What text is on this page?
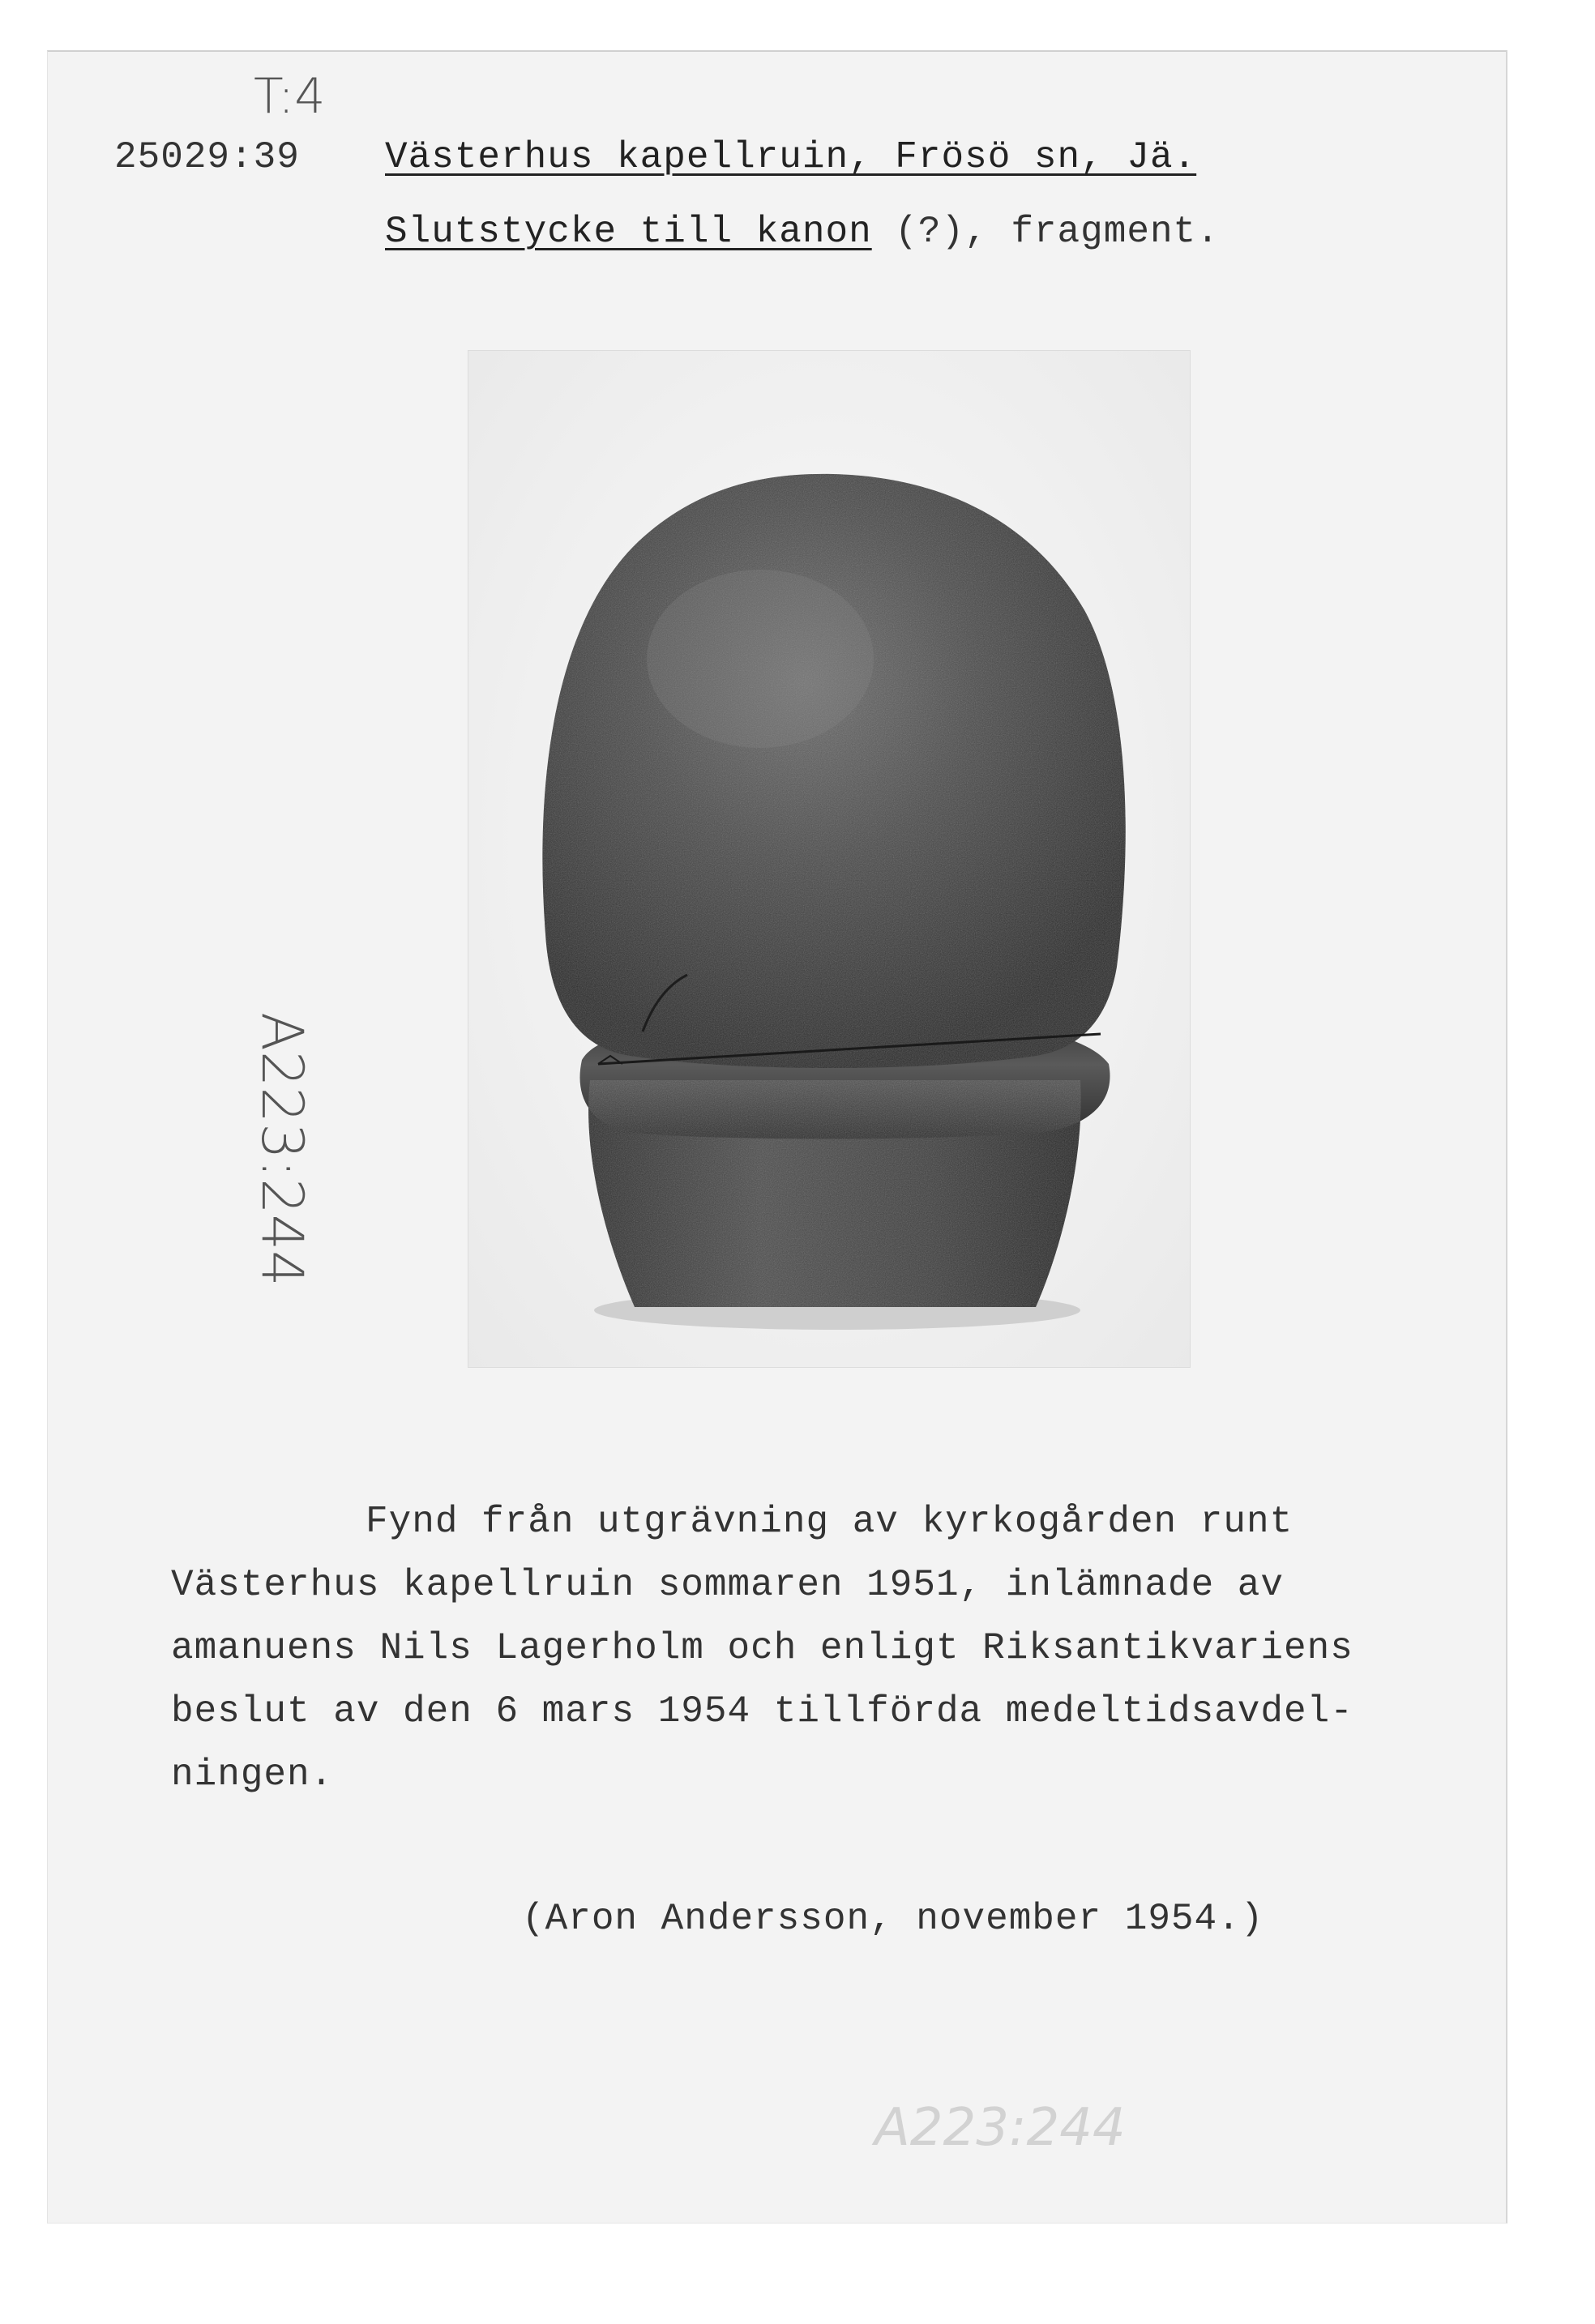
T:4
25029:39 Västerhus kapellruin, Frösö sn, Jä.
Slutstycke till kanon (?), fragment.
A223:244
Fynd från utgrävning av kyrkogården runt
Västerhus kapellruin sommaren 1951, inlämnade av
amanuens Nils Lagerholm och enligt Riksantikvariens
beslut av den 6 mars 1954 tillförda medeltidsavdel-
ningen.
(Aron Andersson, november 1954.)
A223:244
